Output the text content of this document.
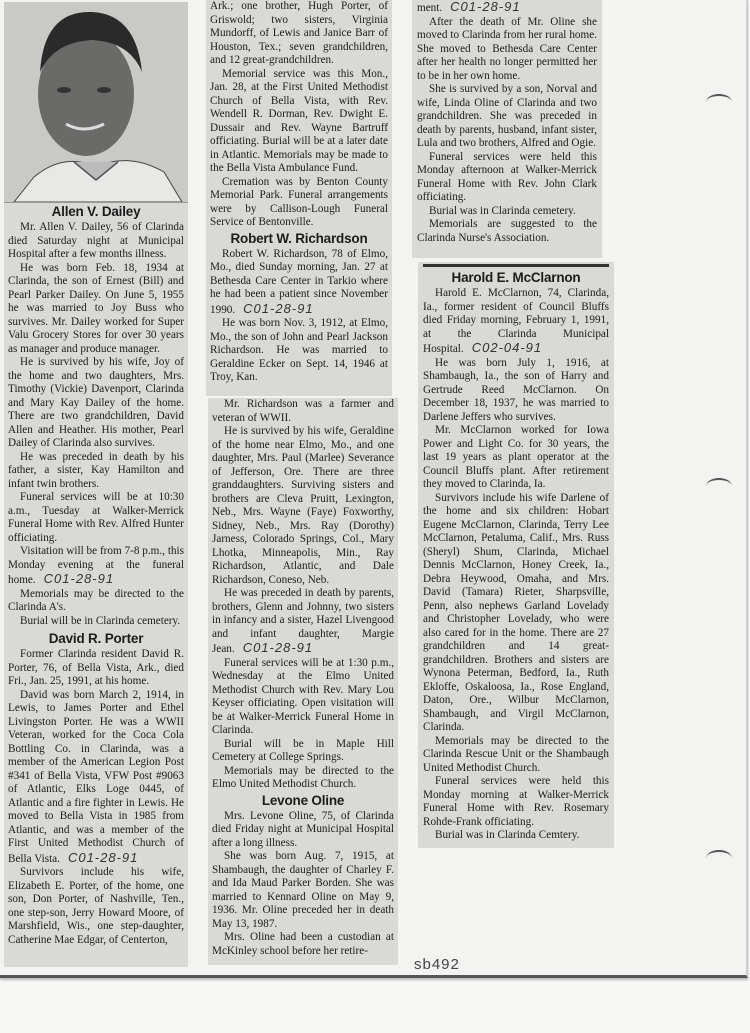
Allen V. Dailey

Mr. Allen V. Dailey, 56 of Clarinda died Saturday night at Municipal Hospital after a few months illness.

He was born Feb. 18, 1934 at Clarinda, the son of Ernest (Bill) and Pearl Parker Dailey. On June 5, 1955 he was married to Joy Buss who survives. Mr. Dailey worked for Super Valu Grocery Stores for over 30 years as manager and produce manager.

He is survived by his wife, Joy of the home and two daughters, Mrs. Timothy (Vickie) Davenport, Clarinda and Mary Kay Dailey of the home. There are two grandchildren, David Allen and Heather. His mother, Pearl Dailey of Clarinda also survives.

He was preceded in death by his father, a sister, Kay Hamilton and infant twin brothers.

Funeral services will be at 10:30 a.m., Tuesday at Walker-Merrick Funeral Home with Rev. Alfred Hunter officiating.

Visitation will be from 7-8 p.m., this Monday evening at the funeral home. C01-28-91

Memorials may be directed to the Clarinda A's.

Burial will be in Clarinda cemetery.

David R. Porter

Former Clarinda resident David R. Porter, 76, of Bella Vista, Ark., died Fri., Jan. 25, 1991, at his home.

David was born March 2, 1914, in Lewis, to James Porter and Ethel Livingston Porter. He was a WWII Veteran, worked for the Coca Cola Bottling Co. in Clarinda, was a member of the American Legion Post #341 of Bella Vista, VFW Post #9063 of Atlantic, Elks Loge 0445, of Atlantic and a fire fighter in Lewis. He moved to Bella Vista in 1985 from Atlantic, and was a member of the First United Methodist Church of Bella Vista. C01-28-91

Survivors include his wife, Elizabeth E. Porter, of the home, one son, Don Porter, of Nashville, Ten., one step-son, Jerry Howard Moore, of Marshfield, Wis., one step-daughter, Catherine Mae Edgar, of Centerton,

Ark.; one brother, Hugh Porter, of Griswold; two sisters, Virginia Mundorff, of Lewis and Janice Barr of Houston, Tex.; seven grandchildren, and 12 great-grandchildren.

Memorial service was this Mon., Jan. 28, at the First United Methodist Church of Bella Vista, with Rev. Wendell R. Dorman, Rev. Dwight E. Dussair and Rev. Wayne Bartruff officiating. Burial will be at a later date in Atlantic. Memorials may be made to the Bella Vista Ambulance Fund.

Cremation was by Benton County Memorial Park. Funeral arrangements were by Callison-Lough Funeral Service of Bentonville.

Robert W. Richardson

Robert W. Richardson, 78 of Elmo, Mo., died Sunday morning, Jan. 27 at Bethesda Care Center in Tarkio where he had been a patient since November 1990. C01-28-91

He was born Nov. 3, 1912, at Elmo, Mo., the son of John and Pearl Jackson Richardson. He was married to Geraldine Ecker on Sept. 14, 1946 at Troy, Kan.

Mr. Richardson was a farmer and veteran of WWII.

He is survived by his wife, Geraldine of the home near Elmo, Mo., and one daughter, Mrs. Paul (Marlee) Severance of Jefferson, Ore. There are three granddaughters. Surviving sisters and brothers are Cleva Pruitt, Lexington, Neb., Mrs. Wayne (Faye) Foxworthy, Sidney, Neb., Mrs. Ray (Dorothy) Jarness, Colorado Springs, Col., Mary Lhotka, Minneapolis, Min., Ray Richardson, Atlantic, and Dale Richardson, Coneso, Neb.

He was preceded in death by parents, brothers, Glenn and Johnny, two sisters in infancy and a sister, Hazel Livengood and infant daughter, Margie Jean. C01-28-91

Funeral services will be at 1:30 p.m., Wednesday at the Elmo United Methodist Church with Rev. Mary Lou Keyser officiating. Open visitation will be at Walker-Merrick Funeral Home in Clarinda.

Burial will be in Maple Hill Cemetery at College Springs.

Memorials may be directed to the Elmo United Methodist Church.

Levone Oline

Mrs. Levone Oline, 75, of Clarinda died Friday night at Municipal Hospital after a long illness.

She was born Aug. 7, 1915, at Shambaugh, the daughter of Charley F. and Ida Maud Parker Borden. She was married to Kennard Oline on May 9, 1936. Mr. Oline preceded her in death May 13, 1987.

Mrs. Oline had been a custodian at McKinley school before her retire-

ment. C01-28-91

After the death of Mr. Oline she moved to Clarinda from her rural home. She moved to Bethesda Care Center after her health no longer permitted her to be in her own home.

She is survived by a son, Norval and wife, Linda Oline of Clarinda and two grandchildren. She was preceded in death by parents, husband, infant sister, Lula and two brothers, Alfred and Ogie.

Funeral services were held this Monday afternoon at Walker-Merrick Funeral Home with Rev. John Clark officiating.

Burial was in Clarinda cemetery.

Memorials are suggested to the Clarinda Nurse's Association.

Harold E. McClarnon

Harold E. McClarnon, 74, Clarinda, Ia., former resident of Council Bluffs died Friday morning, February 1, 1991, at the Clarinda Municipal Hospital. C02-04-91

He was born July 1, 1916, at Shambaugh, Ia., the son of Harry and Gertrude Reed McClarnon. On December 18, 1937, he was married to Darlene Jeffers who survives.

Mr. McClarnon worked for Iowa Power and Light Co. for 30 years, the last 19 years as plant operator at the Council Bluffs plant. After retirement they moved to Clarinda, Ia.

Survivors include his wife Darlene of the home and six children: Hobart Eugene McClarnon, Clarinda, Terry Lee McClarnon, Petaluma, Calif., Mrs. Russ (Sheryl) Shum, Clarinda, Michael Dennis McClarnon, Honey Creek, Ia., Debra Heywood, Omaha, and Mrs. David (Tamara) Rieter, Sharpsville, Penn, also nephews Garland Lovelady and Christopher Lovelady, who were also cared for in the home. There are 27 grandchildren and 14 great-grandchildren. Brothers and sisters are Wynona Peterman, Bedford, Ia., Ruth Ekloffe, Oskaloosa, Ia., Rose England, Daton, Ore., Wilbur McClarnon, Shambaugh, and Virgil McClarnon, Clarinda.

Memorials may be directed to the Clarinda Rescue Unit or the Shambaugh United Methodist Church.

Funeral services were held this Monday morning at Walker-Merrick Funeral Home with Rev. Rosemary Rohde-Frank officiating.

Burial was in Clarinda Cemtery.

sb492
